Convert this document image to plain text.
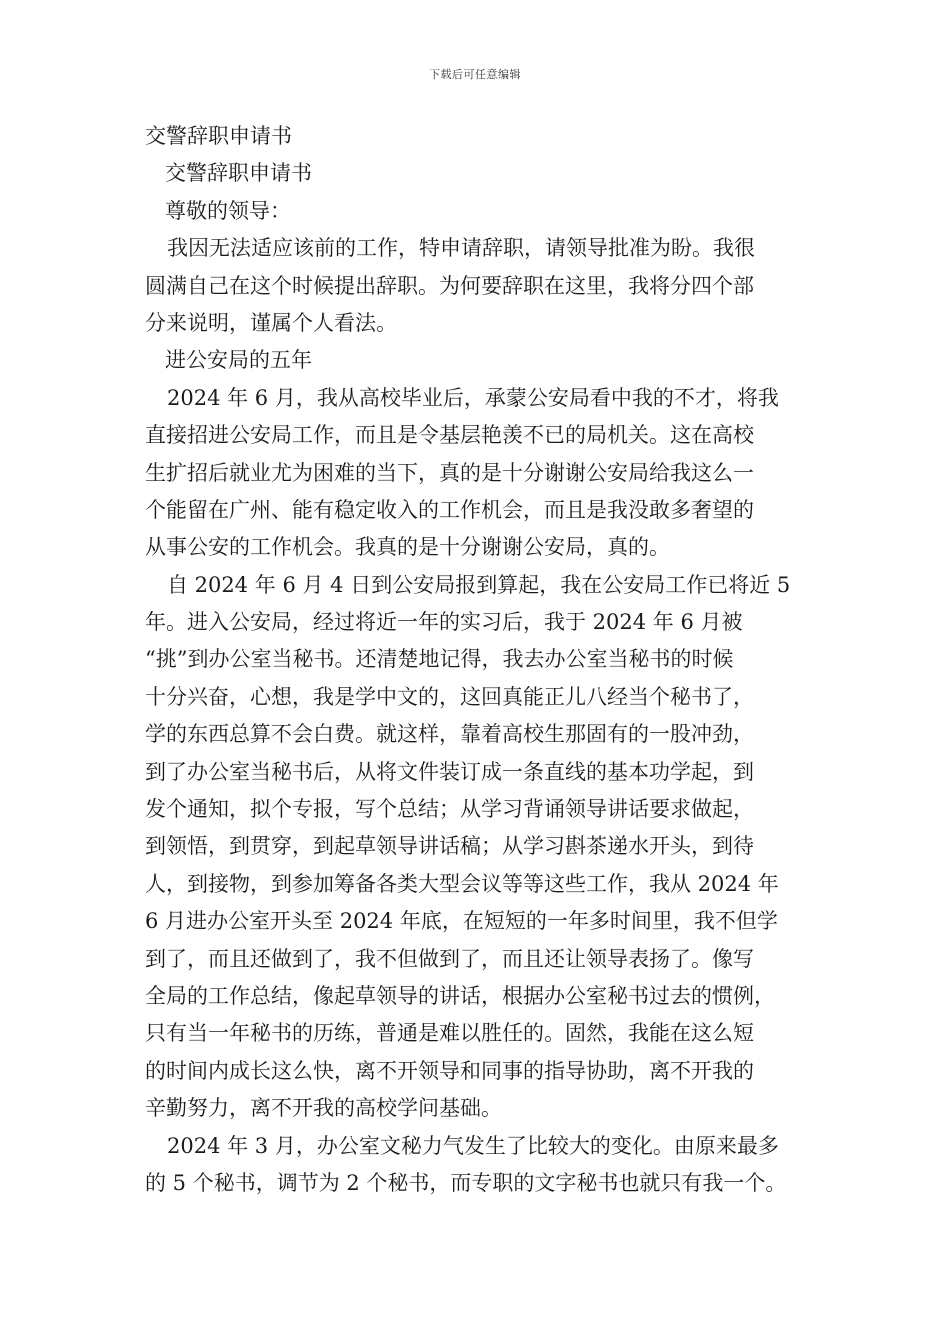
下载后可任意编辑
交警辞职申请书
交警辞职申请书
尊敬的领导：
我因无法适应该前的工作，特申请辞职，请领导批准为盼。我很
圆满自己在这个时候提出辞职。为何要辞职在这里，我将分四个部
分来说明，谨属个人看法。
进公安局的五年
2024 年 6 月，我从高校毕业后，承蒙公安局看中我的不才，将我
直接招进公安局工作，而且是令基层艳羡不已的局机关。这在高校
生扩招后就业尤为困难的当下，真的是十分谢谢公安局给我这么一
个能留在广州、能有稳定收入的工作机会，而且是我没敢多奢望的
从事公安的工作机会。我真的是十分谢谢公安局，真的。
自 2024 年 6 月 4 日到公安局报到算起，我在公安局工作已将近 5
年。进入公安局，经过将近一年的实习后，我于 2024 年 6 月被
“挑”到办公室当秘书。还清楚地记得，我去办公室当秘书的时候
十分兴奋，心想，我是学中文的，这回真能正儿八经当个秘书了，
学的东西总算不会白费。就这样，靠着高校生那固有的一股冲劲，
到了办公室当秘书后，从将文件装订成一条直线的基本功学起，到
发个通知，拟个专报，写个总结；从学习背诵领导讲话要求做起，
到领悟，到贯穿，到起草领导讲话稿；从学习斟茶递水开头，到待
人，到接物，到参加筹备各类大型会议等等这些工作，我从 2024 年
6 月进办公室开头至 2024 年底，在短短的一年多时间里，我不但学
到了，而且还做到了，我不但做到了，而且还让领导表扬了。像写
全局的工作总结，像起草领导的讲话，根据办公室秘书过去的惯例，
只有当一年秘书的历练，普通是难以胜任的。固然，我能在这么短
的时间内成长这么快，离不开领导和同事的指导协助，离不开我的
辛勤努力，离不开我的高校学问基础。
2024 年 3 月，办公室文秘力气发生了比较大的变化。由原来最多
的 5 个秘书，调节为 2 个秘书，而专职的文字秘书也就只有我一个。
